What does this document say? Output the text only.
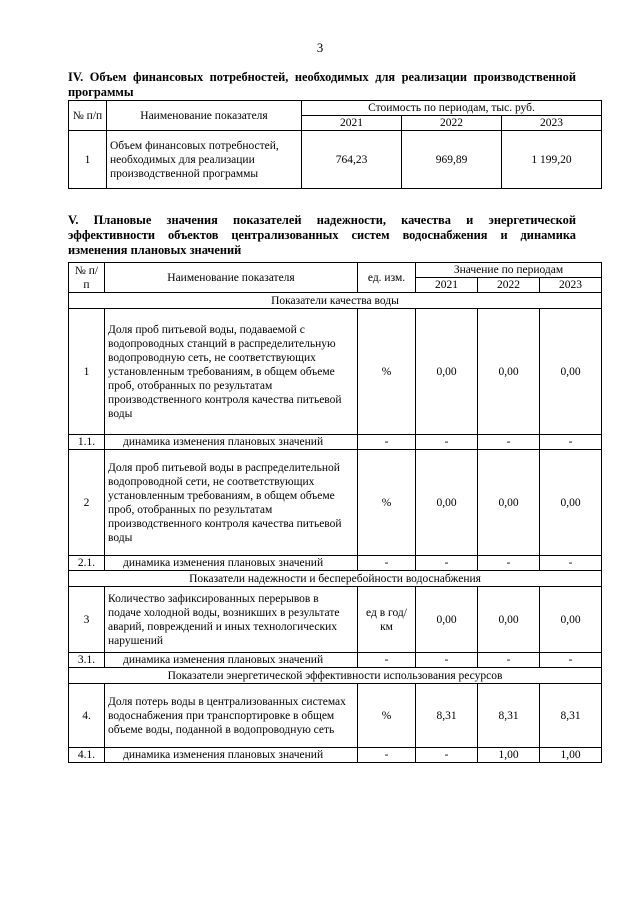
3
IV. Объем финансовых потребностей, необходимых для реализации производственной программы
№ п/п	Наименование показателя	Стоимость по периодам, тыс. руб.		
		2021	2022	2023
1	Объем финансовых потребностей, необходимых для реализации производственной программы	764,23	969,89	1 199,20
V. Плановые значения показателей надежности, качества и энергетической эффективности объектов централизованных систем водоснабжения и динамика изменения плановых значений
№ п/п	Наименование показателя	ед. изм.	Значение по периодам		
			2021	2022	2023
Показатели качества воды					
1	Доля проб питьевой воды, подаваемой с водопроводных станций в распределительную водопроводную сеть, не соответствующих установленным требованиям, в общем объеме проб, отобранных по результатам производственного контроля качества питьевой воды	%	0,00	0,00	0,00
1.1.	динамика изменения плановых значений	-	-	-	-
2	Доля проб питьевой воды в распределительной водопроводной сети, не соответствующих установленным требованиям, в общем объеме проб, отобранных по результатам производственного контроля качества питьевой воды	%	0,00	0,00	0,00
2.1.	динамика изменения плановых значений	-	-	-	-
Показатели надежности и бесперебойности водоснабжения					
3	Количество зафиксированных перерывов в подаче холодной воды, возникших в результате аварий, повреждений и иных технологических нарушений	ед в год/ км	0,00	0,00	0,00
3.1.	динамика изменения плановых значений	-	-	-	-
Показатели энергетической эффективности использования ресурсов					
4.	Доля потерь воды в централизованных системах водоснабжения при транспортировке в общем объеме воды, поданной в водопроводную сеть	%	8,31	8,31	8,31
4.1.	динамика изменения плановых значений	-	-	1,00	1,00
